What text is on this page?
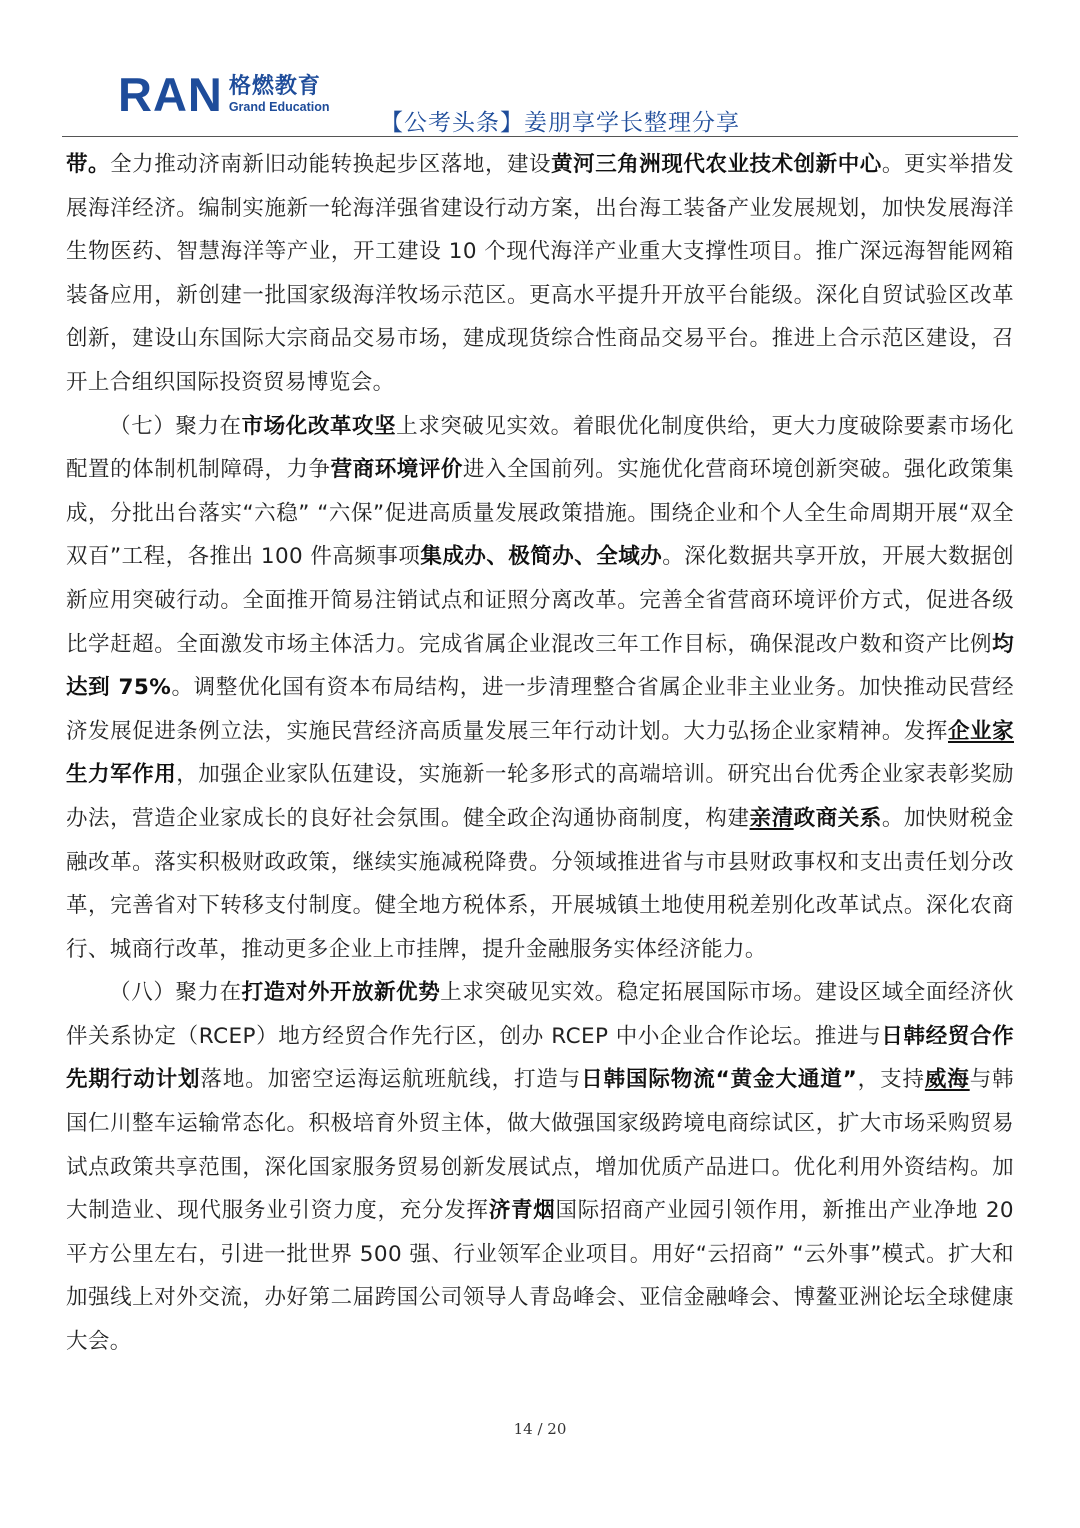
RAN 格燃教育
Grand Education
【公考头条】姜朋享学长整理分享

带。全力推动济南新旧动能转换起步区落地，建设黄河三角洲现代农业技术创新中心。更实举措发展海洋经济。编制实施新一轮海洋强省建设行动方案，出台海工装备产业发展规划，加快发展海洋生物医药、智慧海洋等产业，开工建设 10 个现代海洋产业重大支撑性项目。推广深远海智能网箱装备应用，新创建一批国家级海洋牧场示范区。更高水平提升开放平台能级。深化自贸试验区改革创新，建设山东国际大宗商品交易市场，建成现货综合性商品交易平台。推进上合示范区建设，召开上合组织国际投资贸易博览会。

（七）聚力在市场化改革攻坚上求突破见实效。着眼优化制度供给，更大力度破除要素市场化配置的体制机制障碍，力争营商环境评价进入全国前列。实施优化营商环境创新突破。强化政策集成，分批出台落实“六稳” “六保”促进高质量发展政策措施。围绕企业和个人全生命周期开展“双全双百”工程，各推出 100 件高频事项集成办、极简办、全域办。深化数据共享开放，开展大数据创新应用突破行动。全面推开简易注销试点和证照分离改革。完善全省营商环境评价方式，促进各级比学赶超。全面激发市场主体活力。完成省属企业混改三年工作目标，确保混改户数和资产比例均达到 75%。调整优化国有资本布局结构，进一步清理整合省属企业非主业业务。加快推动民营经济发展促进条例立法，实施民营经济高质量发展三年行动计划。大力弘扬企业家精神。发挥企业家生力军作用，加强企业家队伍建设，实施新一轮多形式的高端培训。研究出台优秀企业家表彰奖励办法，营造企业家成长的良好社会氛围。健全政企沟通协商制度，构建亲清政商关系。加快财税金融改革。落实积极财政政策，继续实施减税降费。分领域推进省与市县财政事权和支出责任划分改革，完善省对下转移支付制度。健全地方税体系，开展城镇土地使用税差别化改革试点。深化农商行、城商行改革，推动更多企业上市挂牌，提升金融服务实体经济能力。

（八）聚力在打造对外开放新优势上求突破见实效。稳定拓展国际市场。建设区域全面经济伙伴关系协定（RCEP）地方经贸合作先行区，创办 RCEP 中小企业合作论坛。推进与日韩经贸合作先期行动计划落地。加密空运海运航班航线，打造与日韩国际物流“黄金大通道”，支持威海与韩国仁川整车运输常态化。积极培育外贸主体，做大做强国家级跨境电商综试区，扩大市场采购贸易试点政策共享范围，深化国家服务贸易创新发展试点，增加优质产品进口。优化利用外资结构。加大制造业、现代服务业引资力度，充分发挥济青烟国际招商产业园引领作用，新推出产业净地 20 平方公里左右，引进一批世界 500 强、行业领军企业项目。用好“云招商” “云外事”模式。扩大和加强线上对外交流，办好第二届跨国公司领导人青岛峰会、亚信金融峰会、博鳌亚洲论坛全球健康大会。

14 / 20
